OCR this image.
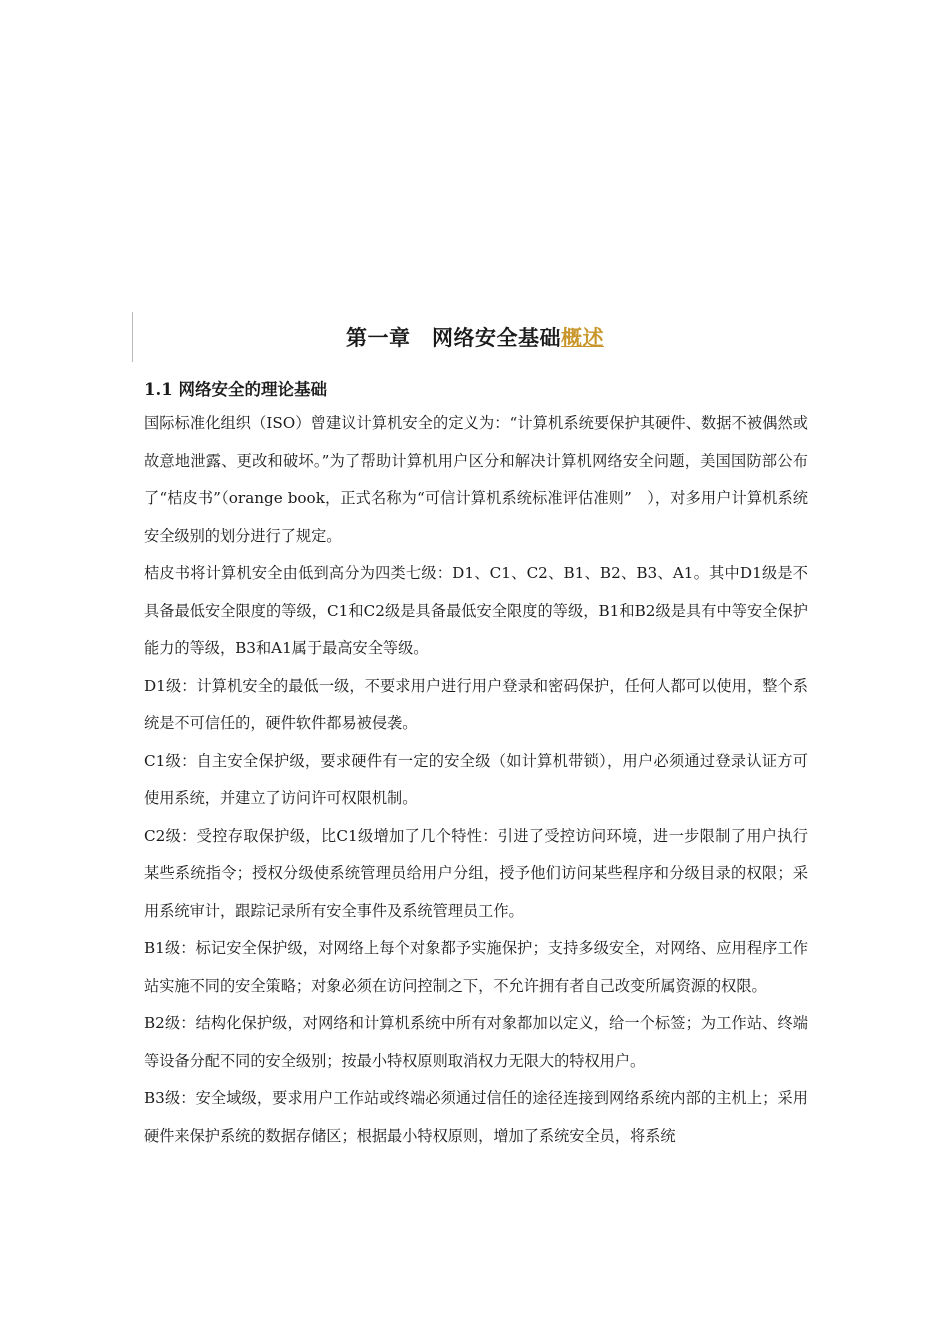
第一章　网络安全基础概述
1.1 网络安全的理论基础

国际标准化组织（ISO）曾建议计算机安全的定义为：“计算机系统要保护其硬件、数据不被偶然或故意地泄露、更改和破坏。”为了帮助计算机用户区分和解决计算机网络安全问题，美国国防部公布了“桔皮书”（orange book，正式名称为“可信计算机系统标准评估准则”　），对多用户计算机系统安全级别的划分进行了规定。

桔皮书将计算机安全由低到高分为四类七级：D1、C1、C2、B1、B2、B3、A1。其中D1级是不具备最低安全限度的等级，C1和C2级是具备最低安全限度的等级，B1和B2级是具有中等安全保护能力的等级，B3和A1属于最高安全等级。

D1级：计算机安全的最低一级，不要求用户进行用户登录和密码保护，任何人都可以使用，整个系统是不可信任的，硬件软件都易被侵袭。

C1级：自主安全保护级，要求硬件有一定的安全级（如计算机带锁），用户必须通过登录认证方可使用系统，并建立了访问许可权限机制。

C2级：受控存取保护级，比C1级增加了几个特性：引进了受控访问环境，进一步限制了用户执行某些系统指令；授权分级使系统管理员给用户分组，授予他们访问某些程序和分级目录的权限；采用系统审计，跟踪记录所有安全事件及系统管理员工作。

B1级：标记安全保护级，对网络上每个对象都予实施保护；支持多级安全，对网络、应用程序工作站实施不同的安全策略；对象必须在访问控制之下，不允许拥有者自己改变所属资源的权限。

B2级：结构化保护级，对网络和计算机系统中所有对象都加以定义，给一个标签；为工作站、终端等设备分配不同的安全级别；按最小特权原则取消权力无限大的特权用户。

B3级：安全域级，要求用户工作站或终端必须通过信任的途径连接到网络系统内部的主机上；采用硬件来保护系统的数据存储区；根据最小特权原则，增加了系统安全员，将系统
